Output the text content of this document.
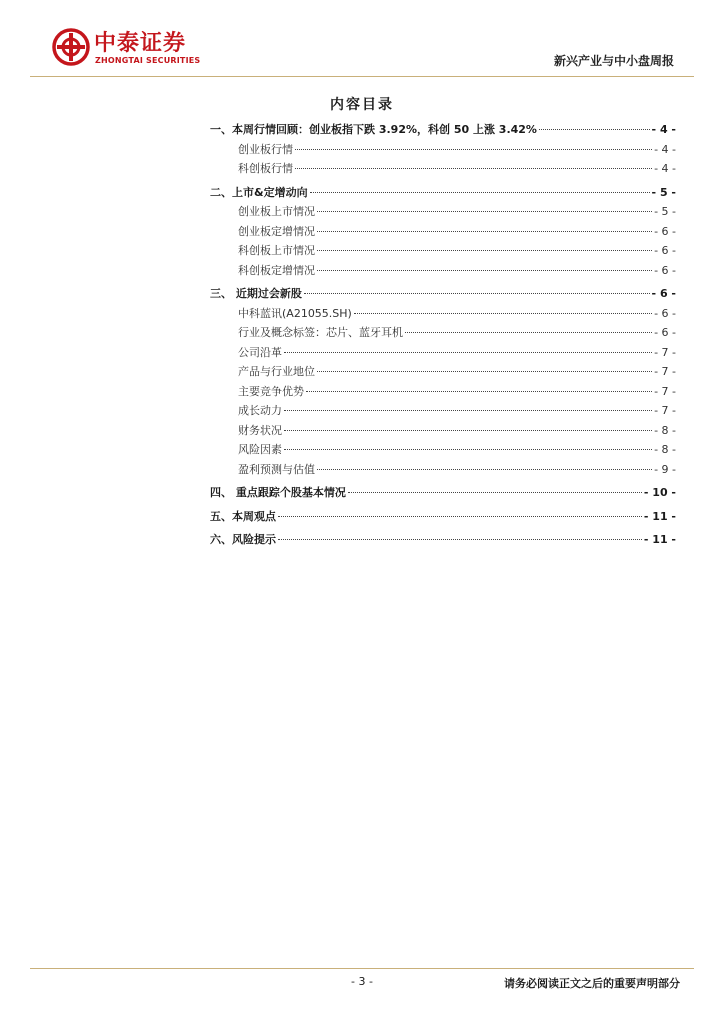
中泰证券
ZHONGTAI SECURITIES	新兴产业与中小盘周报
内容目录
一、本周行情回顾：创业板指下跌 3.92%，科创 50 上涨 3.42%	- 4 -
创业板行情	- 4 -
科创板行情	- 4 -
二、上市&定增动向	- 5 -
创业板上市情况	- 5 -
创业板定增情况	- 6 -
科创板上市情况	- 6 -
科创板定增情况	- 6 -
三、 近期过会新股	- 6 -
中科蓝讯(A21055.SH)	- 6 -
行业及概念标签：芯片、蓝牙耳机	- 6 -
公司沿革	- 7 -
产品与行业地位	- 7 -
主要竞争优势	- 7 -
成长动力	- 7 -
财务状况	- 8 -
风险因素	- 8 -
盈利预测与估值	- 9 -
四、 重点跟踪个股基本情况	- 10 -
五、本周观点	- 11 -
六、风险提示	- 11 -
- 3 -	请务必阅读正文之后的重要声明部分
